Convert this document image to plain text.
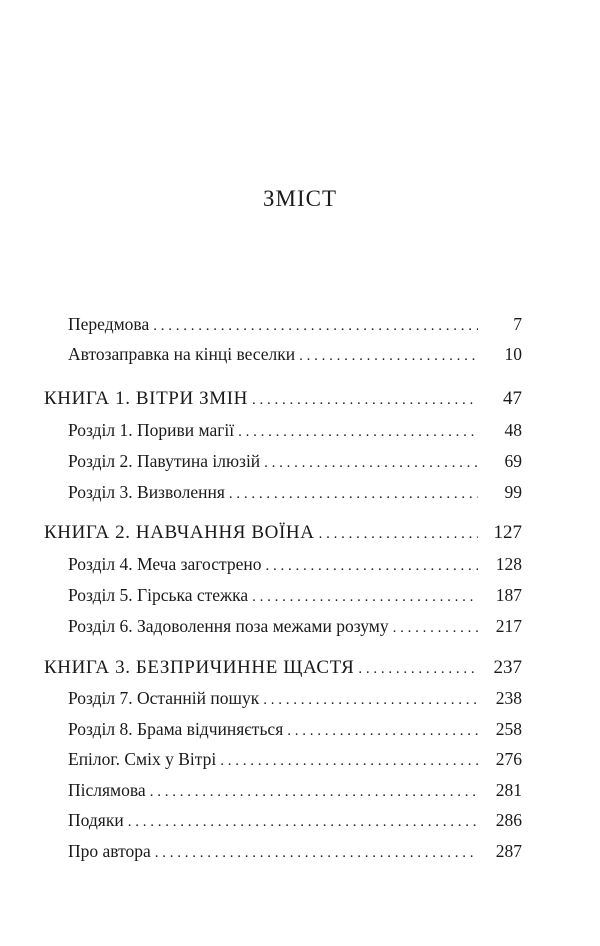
ЗМІСТ
Передмова . . .	7
Автозаправка на кінці веселки . . .	10
КНИГА 1. ВІТРИ ЗМІН . . .	47
Розділ 1. Пориви магії . . .	48
Розділ 2. Павутина ілюзій . . .	69
Розділ 3. Визволення . . .	99
КНИГА 2. НАВЧАННЯ ВОЇНА . . .	127
Розділ 4. Меча загострено . . .	128
Розділ 5. Гірська стежка . . .	187
Розділ 6. Задоволення поза межами розуму . . .	217
КНИГА 3. БЕЗПРИЧИННЕ ЩАСТЯ . . .	237
Розділ 7. Останній пошук . . .	238
Розділ 8. Брама відчиняється . . .	258
Епілог. Сміх у Вітрі . . .	276
Післямова . . .	281
Подяки . . .	286
Про автора . . .	287
